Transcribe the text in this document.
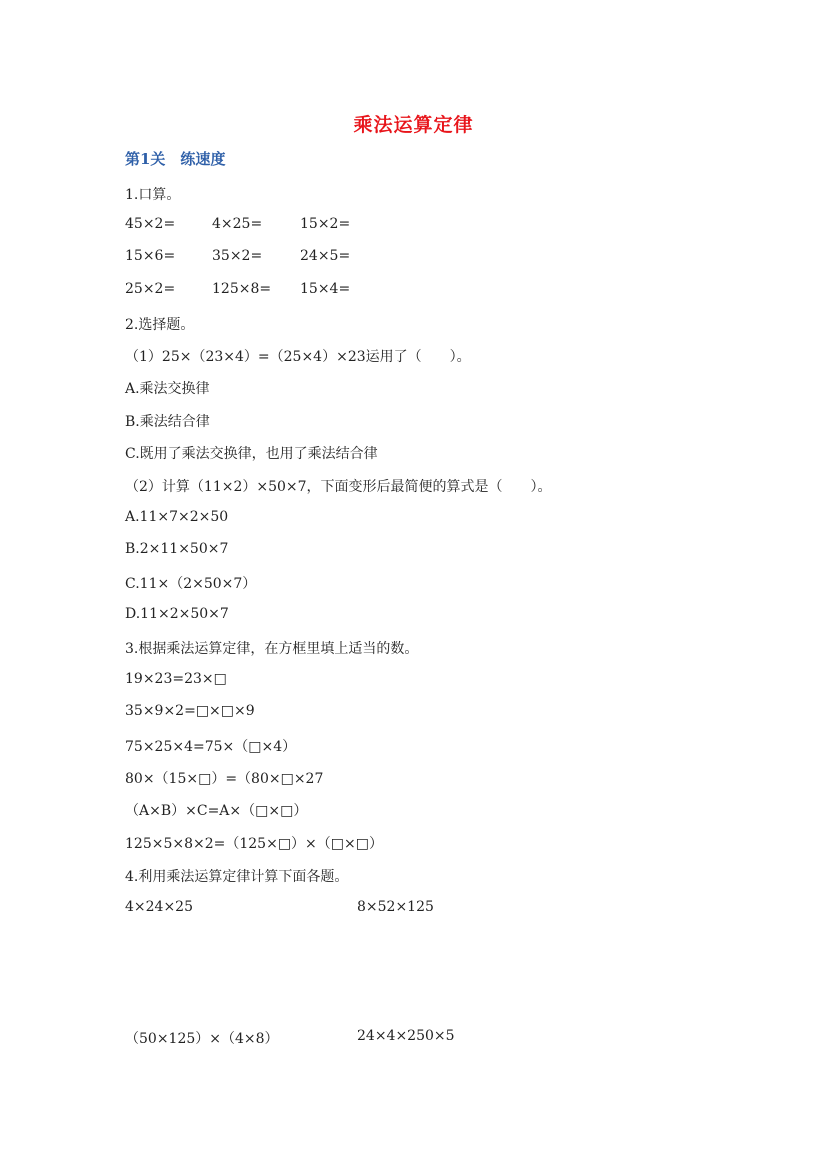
乘法运算定律
第1关　练速度
1.口算。
45×2=	4×25=	15×2=
15×6=	35×2=	24×5=
25×2=	125×8= 15×4=
2.选择题。
（1）25×（23×4）=（25×4）×23运用了（　　）。
A.乘法交换律
B.乘法结合律
C.既用了乘法交换律，也用了乘法结合律
（2）计算（11×2）×50×7，下面变形后最简便的算式是（　　）。
A.11×7×2×50
B.2×11×50×7
C.11×（2×50×7）
D.11×2×50×7
3.根据乘法运算定律，在方框里填上适当的数。
19×23=23×□
35×9×2=□×□×9
75×25×4=75×（□×4）
80×（15×□）=（80×□×27
（A×B）×C=A×（□×□）
125×5×8×2=（125×□）×（□×□）
4.利用乘法运算定律计算下面各题。
4×24×25	8×52×125
（50×125）×（4×8）	24×4×250×5
